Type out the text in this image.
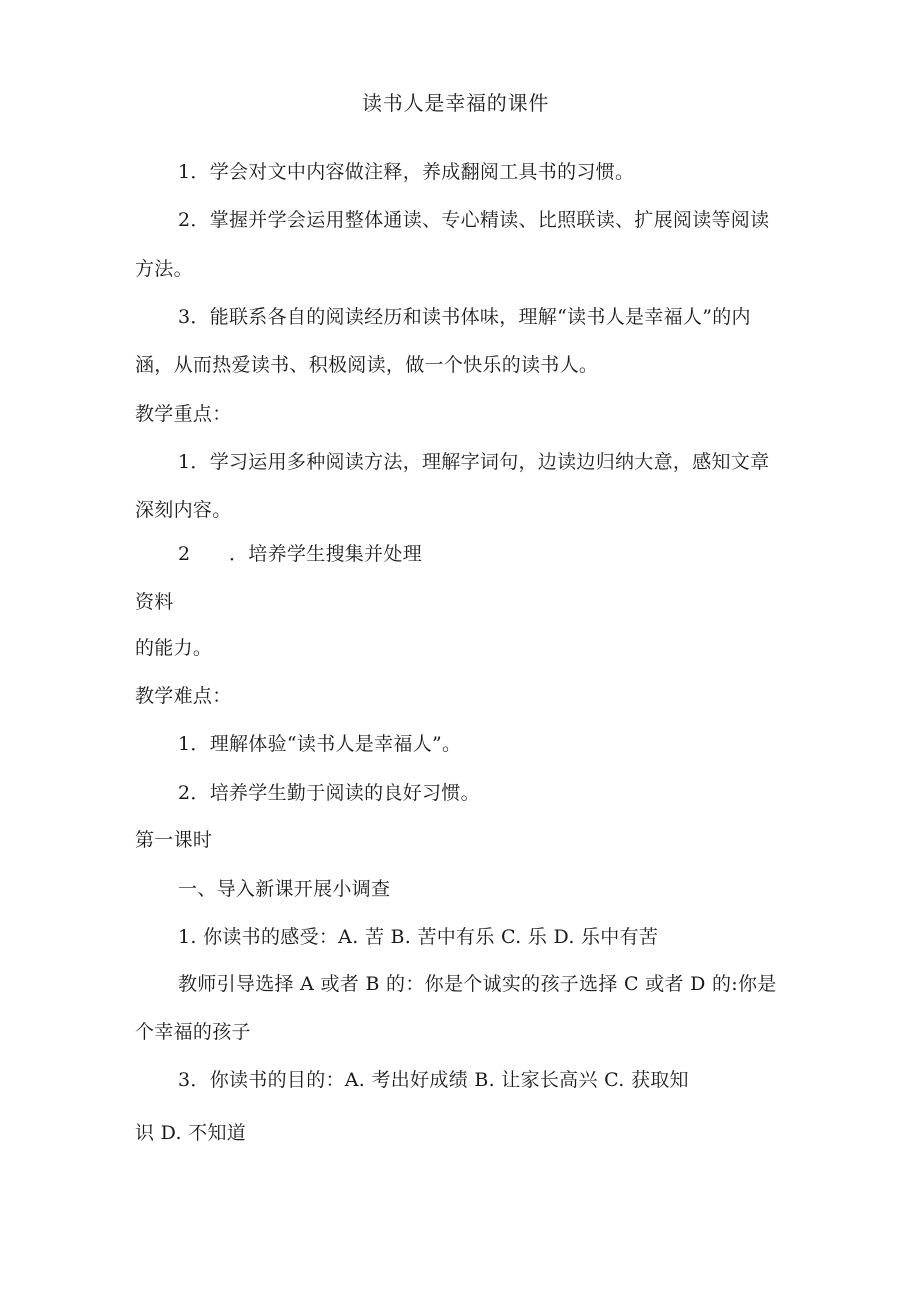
读书人是幸福的课件
1．学会对文中内容做注释，养成翻阅工具书的习惯。
2．掌握并学会运用整体通读、专心精读、比照联读、扩展阅读等阅读
方法。
3．能联系各自的阅读经历和读书体味，理解“读书人是幸福人”的内
涵，从而热爱读书、积极阅读，做一个快乐的读书人。
教学重点：
1．学习运用多种阅读方法，理解字词句，边读边归纳大意，感知文章
深刻内容。
2　　．培养学生搜集并处理
资料
的能力。
教学难点：
1．理解体验“读书人是幸福人”。
2．培养学生勤于阅读的良好习惯。
第一课时
一、导入新课开展小调查
1. 你读书的感受：A. 苦 B. 苦中有乐 C. 乐 D. 乐中有苦
教师引导选择 A 或者 B 的：你是个诚实的孩子选择 C 或者 D 的:你是
个幸福的孩子
3．你读书的目的：A. 考出好成绩 B. 让家长高兴 C. 获取知
识 D. 不知道
